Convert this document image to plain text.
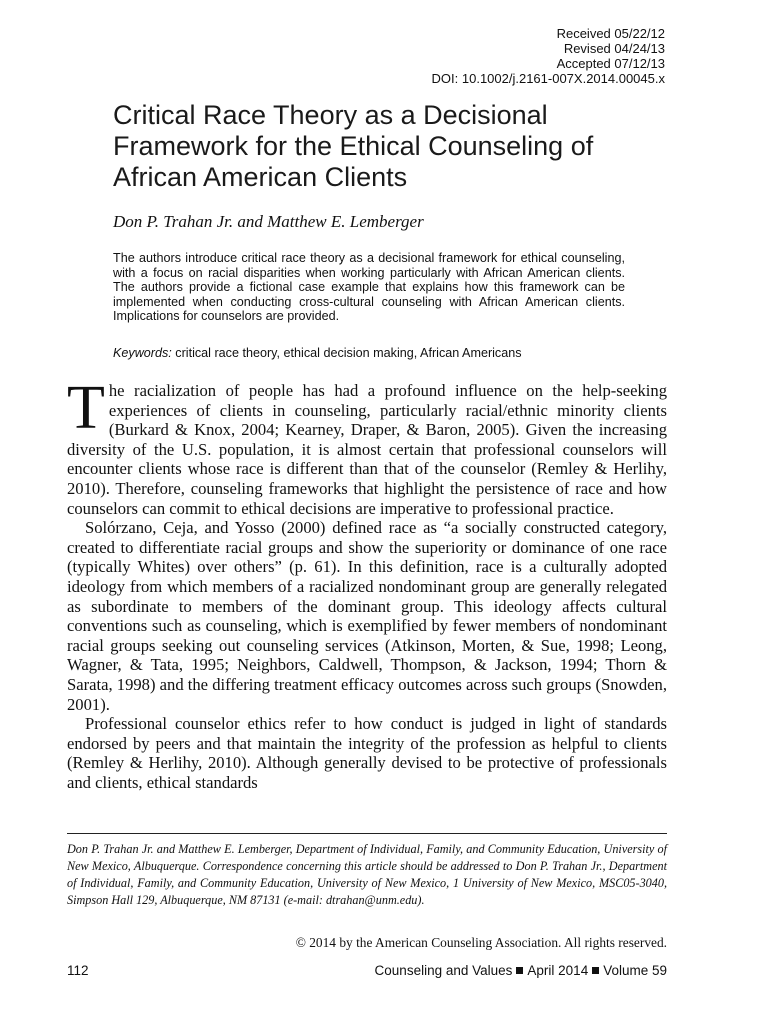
Received 05/22/12
Revised 04/24/13
Accepted 07/12/13
DOI: 10.1002/j.2161-007X.2014.00045.x
Critical Race Theory as a Decisional Framework for the Ethical Counseling of African American Clients

Don P. Trahan Jr. and Matthew E. Lemberger

The authors introduce critical race theory as a decisional framework for ethical counseling, with a focus on racial disparities when working particularly with African American clients. The authors provide a fictional case example that explains how this framework can be implemented when conducting cross-cultural counseling with African American clients. Implications for counselors are provided.

Keywords: critical race theory, ethical decision making, African Americans

The racialization of people has had a profound influence on the help-seeking experiences of clients in counseling, particularly racial/ethnic minority clients (Burkard & Knox, 2004; Kearney, Draper, & Baron, 2005). Given the increasing diversity of the U.S. population, it is almost certain that professional counselors will encounter clients whose race is different than that of the counselor (Remley & Herlihy, 2010). Therefore, counseling frameworks that highlight the persistence of race and how counselors can commit to ethical decisions are imperative to professional practice.

Solórzano, Ceja, and Yosso (2000) defined race as “a socially constructed category, created to differentiate racial groups and show the superiority or dominance of one race (typically Whites) over others” (p. 61). In this definition, race is a culturally adopted ideology from which members of a racialized nondominant group are generally relegated as subordinate to members of the dominant group. This ideology affects cultural conventions such as counseling, which is exemplified by fewer members of nondominant racial groups seeking out counseling services (Atkinson, Morten, & Sue, 1998; Leong, Wagner, & Tata, 1995; Neighbors, Caldwell, Thompson, & Jackson, 1994; Thorn & Sarata, 1998) and the differing treatment efficacy outcomes across such groups (Snowden, 2001).

Professional counselor ethics refer to how conduct is judged in light of standards endorsed by peers and that maintain the integrity of the profession as helpful to clients (Remley & Herlihy, 2010). Although generally devised to be protective of professionals and clients, ethical standards

Don P. Trahan Jr. and Matthew E. Lemberger, Department of Individual, Family, and Community Education, University of New Mexico, Albuquerque. Correspondence concerning this article should be addressed to Don P. Trahan Jr., Department of Individual, Family, and Community Education, University of New Mexico, 1 University of New Mexico, MSC05-3040, Simpson Hall 129, Albuquerque, NM 87131 (e-mail: dtrahan@unm.edu).

© 2014 by the American Counseling Association. All rights reserved.

112	Counseling and Values April 2014 Volume 59
